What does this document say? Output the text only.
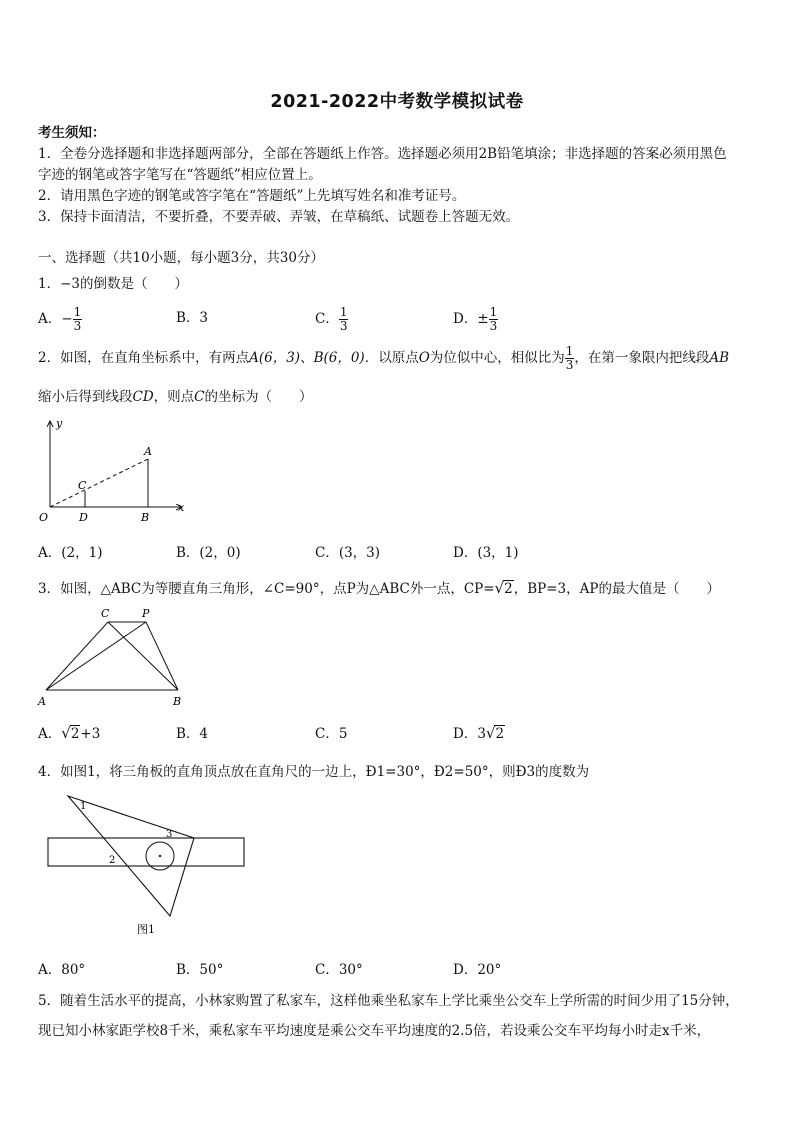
2021-2022中考数学模拟试卷
考生须知：
1．全卷分选择题和非选择题两部分，全部在答题纸上作答。选择题必须用2B铅笔填涂；非选择题的答案必须用黑色
字迹的钢笔或答字笔写在“答题纸”相应位置上。
2．请用黑色字迹的钢笔或答字笔在“答题纸”上先填写姓名和准考证号。
3．保持卡面清洁，不要折叠，不要弄破、弄皱，在草稿纸、试题卷上答题无效。
一、选择题（共10小题，每小题3分，共30分）
1．−3的倒数是（　　）
A．− $\frac{1}{3}$	B．3	C． $\frac{1}{3}$	D．± $\frac{1}{3}$
2．如图，在直角坐标系中，有两点A(6，3)、B(6，0)．以原点O为位似中心，相似比为 $\frac{1}{3}$ ，在第一象限内把线段AB
缩小后得到线段CD，则点C的坐标为（　　）
y
x
O
A
B
C
D
A．(2，1)	B．(2，0)	C．(3，3)	D．(3，1)
3．如图，△ABC为等腰直角三角形，∠C=90°，点P为△ABC外一点，CP=√2，BP=3，AP的最大值是（　　）
A	B
C	P
A．√2+3	B．4	C．5	D．3√2
4．如图1，将三角板的直角顶点放在直角尺的一边上，Ð1=30°，Ð2=50°，则Ð3的度数为
1
2
3
图1
A．80°	B．50°	C．30°	D．20°
5．随着生活水平的提高，小林家购置了私家车，这样他乘坐私家车上学比乘坐公交车上学所需的时间少用了15分钟，
现已知小林家距学校8千米，乘私家车平均速度是乘公交车平均速度的2.5倍，若设乘公交车平均每小时走x千米，
